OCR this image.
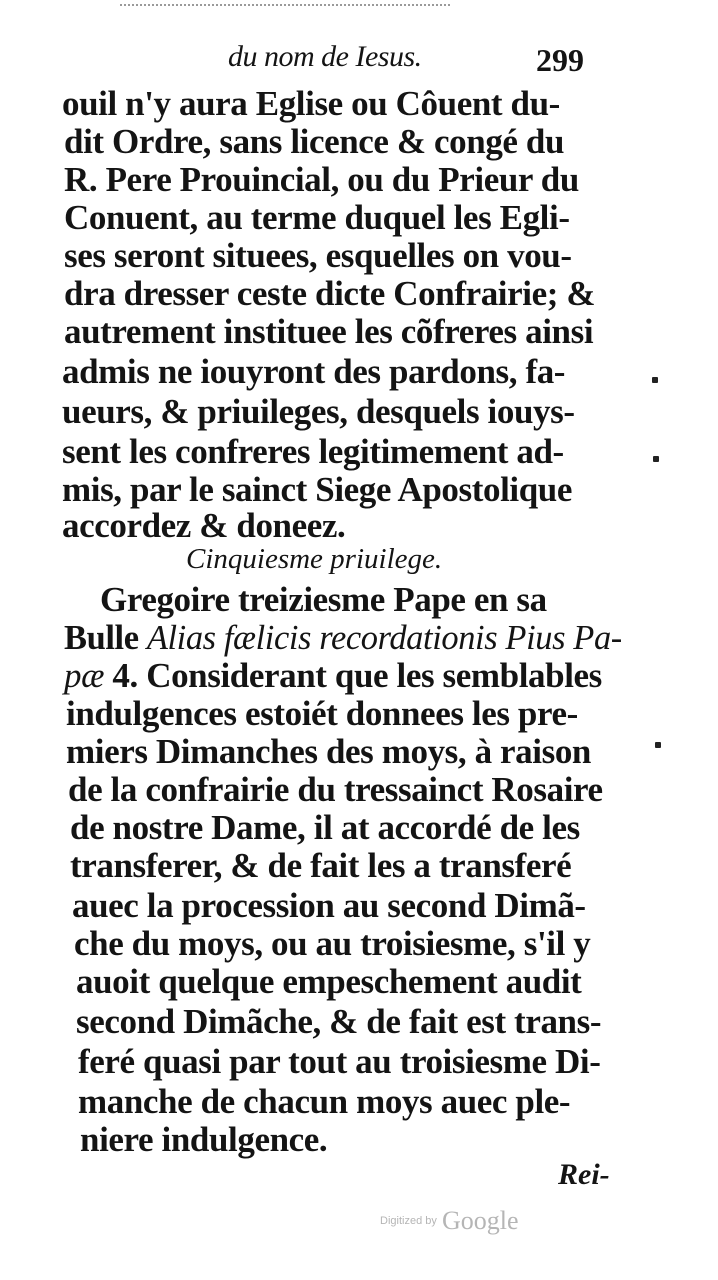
du nom de Iesus.	299
ouil n'y aura Eglise ou Côuent du-
dit Ordre, sans licence & congé du
R. Pere Prouincial, ou du Prieur du
Conuent, au terme duquel les Egli-
ses seront situees, esquelles on vou-
dra dresser ceste dicte Confrairie; &
autrement instituee les cõfreres ainsi
admis ne iouyront des pardons, fa-
ueurs, & priuileges, desquels iouys-
sent les confreres legitimement ad-
mis, par le sainct Siege Apostolique
accordez & doneez.
Cinquiesme priuilege.
Gregoire treiziesme Pape en sa
Bulle Alias fælicis recordationis Pius Pa-
pæ 4. Considerant que les semblables
indulgences estoiét donnees les pre-
miers Dimanches des moys, à raison
de la confrairie du tressainct Rosaire
de nostre Dame, il at accordé de les
transferer, & de fait les a transferé
auec la procession au second Dimã-
che du moys, ou au troisiesme, s'il y
auoit quelque empeschement audit
second Dimãche, & de fait est trans-
feré quasi par tout au troisiesme Di-
manche de chacun moys auec ple-
niere indulgence.
Rei-
Digitized by Google
